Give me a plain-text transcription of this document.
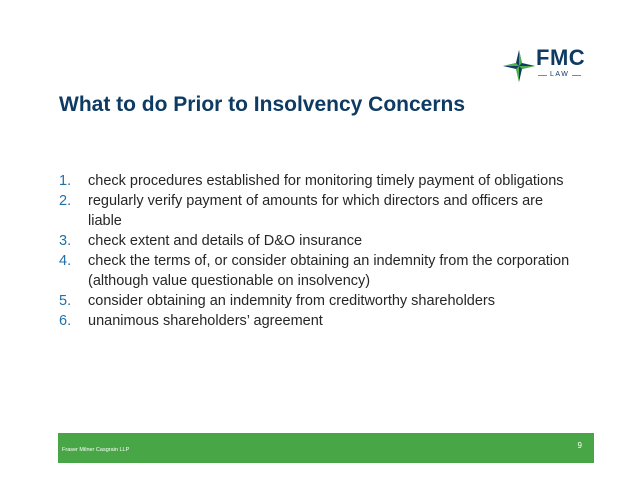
FMC
LAW
What to do Prior to Insolvency Concerns
1.	check procedures established for monitoring timely payment of obligations
2.	regularly verify payment of amounts for which directors and officers are liable
3.	check extent and details of D&O insurance
4.	check the terms of, or consider obtaining an indemnity from the corporation (although value questionable on insolvency)
5.	consider obtaining an indemnity from creditworthy shareholders
6.	unanimous shareholders’ agreement
Fraser Milner Casgrain LLP	9
